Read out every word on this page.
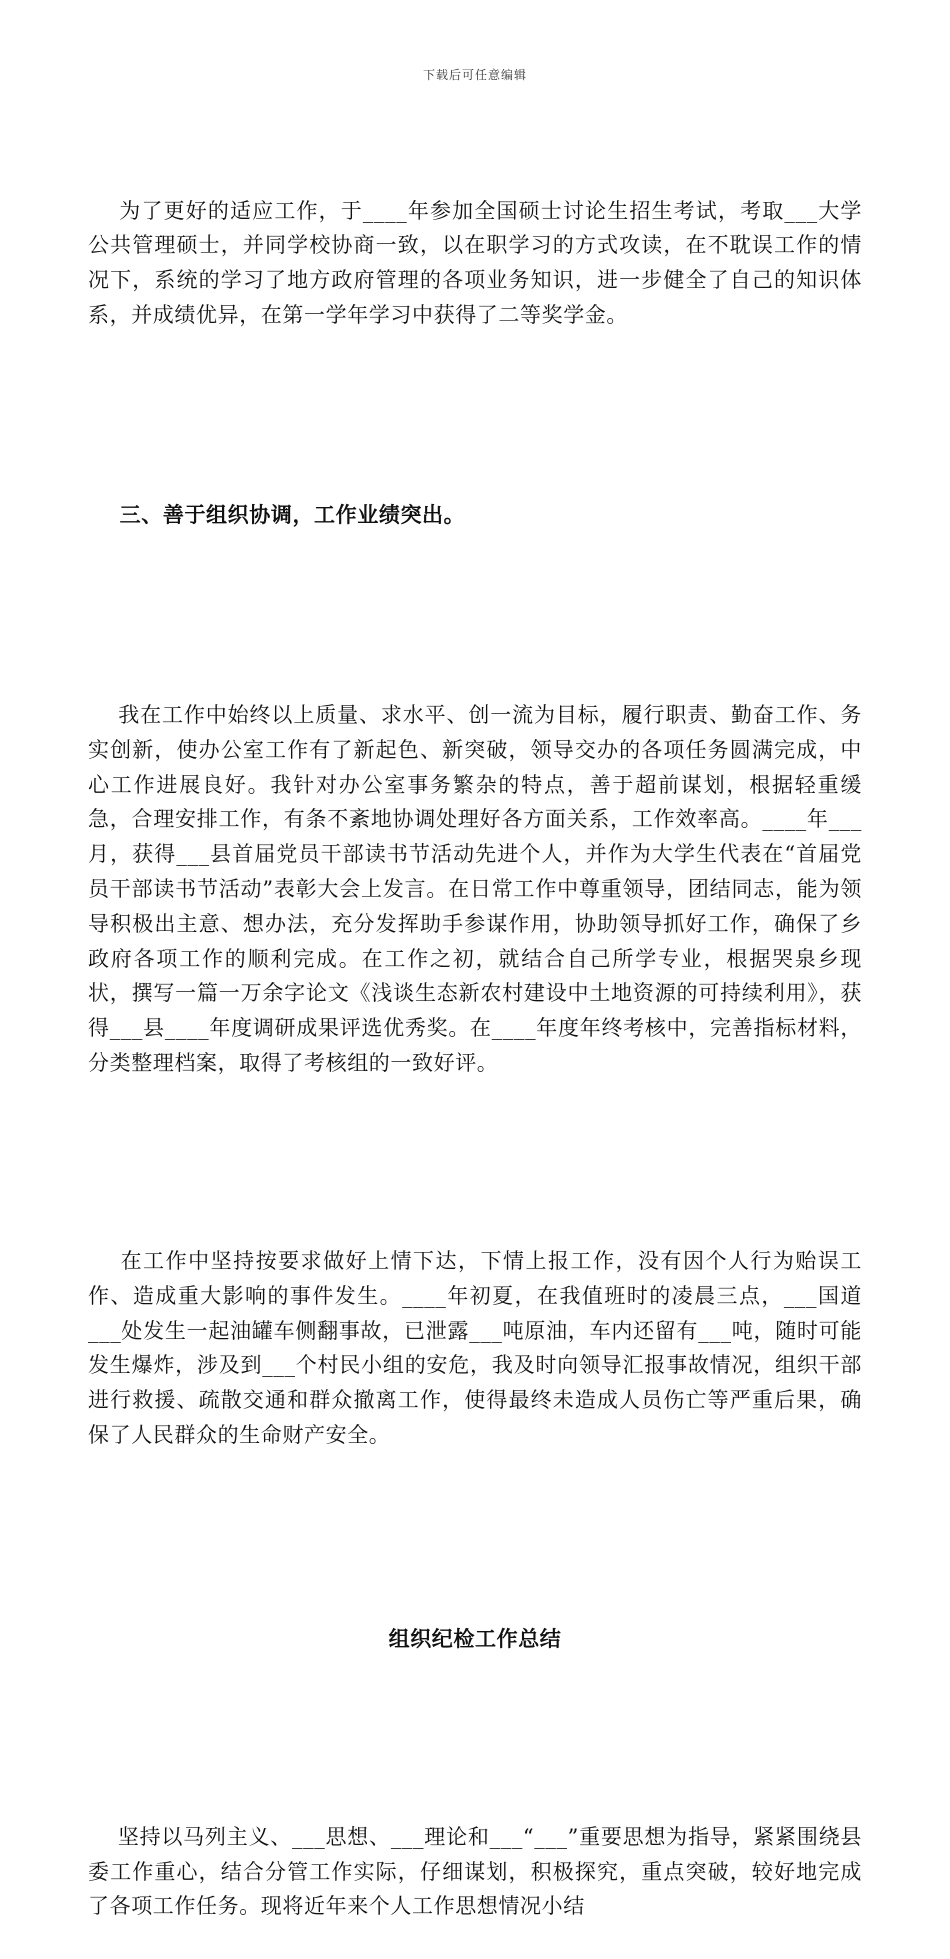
下载后可任意编辑

为了更好的适应工作，于____年参加全国硕士讨论生招生考试，考取___大学公共管理硕士，并同学校协商一致，以在职学习的方式攻读，在不耽误工作的情况下，系统的学习了地方政府管理的各项业务知识，进一步健全了自己的知识体系，并成绩优异，在第一学年学习中获得了二等奖学金。

三、善于组织协调，工作业绩突出。

我在工作中始终以上质量、求水平、创一流为目标，履行职责、勤奋工作、务实创新，使办公室工作有了新起色、新突破，领导交办的各项任务圆满完成，中心工作进展良好。我针对办公室事务繁杂的特点，善于超前谋划，根据轻重缓急，合理安排工作，有条不紊地协调处理好各方面关系，工作效率高。____年___月，获得___县首届党员干部读书节活动先进个人，并作为大学生代表在“首届党员干部读书节活动”表彰大会上发言。在日常工作中尊重领导，团结同志，能为领导积极出主意、想办法，充分发挥助手参谋作用，协助领导抓好工作，确保了乡政府各项工作的顺利完成。在工作之初，就结合自己所学专业，根据哭泉乡现状，撰写一篇一万余字论文《浅谈生态新农村建设中土地资源的可持续利用》，获得___县____年度调研成果评选优秀奖。在____年度年终考核中，完善指标材料，分类整理档案，取得了考核组的一致好评。

在工作中坚持按要求做好上情下达，下情上报工作，没有因个人行为贻误工作、造成重大影响的事件发生。____年初夏，在我值班时的凌晨三点，___国道___处发生一起油罐车侧翻事故，已泄露___吨原油，车内还留有___吨，随时可能发生爆炸，涉及到___个村民小组的安危，我及时向领导汇报事故情况，组织干部进行救援、疏散交通和群众撤离工作，使得最终未造成人员伤亡等严重后果，确保了人民群众的生命财产安全。

组织纪检工作总结

坚持以马列主义、___思想、___理论和___“___”重要思想为指导，紧紧围绕县委工作重心，结合分管工作实际，仔细谋划，积极探究，重点突破，较好地完成了各项工作任务。现将近年来个人工作思想情况小结
